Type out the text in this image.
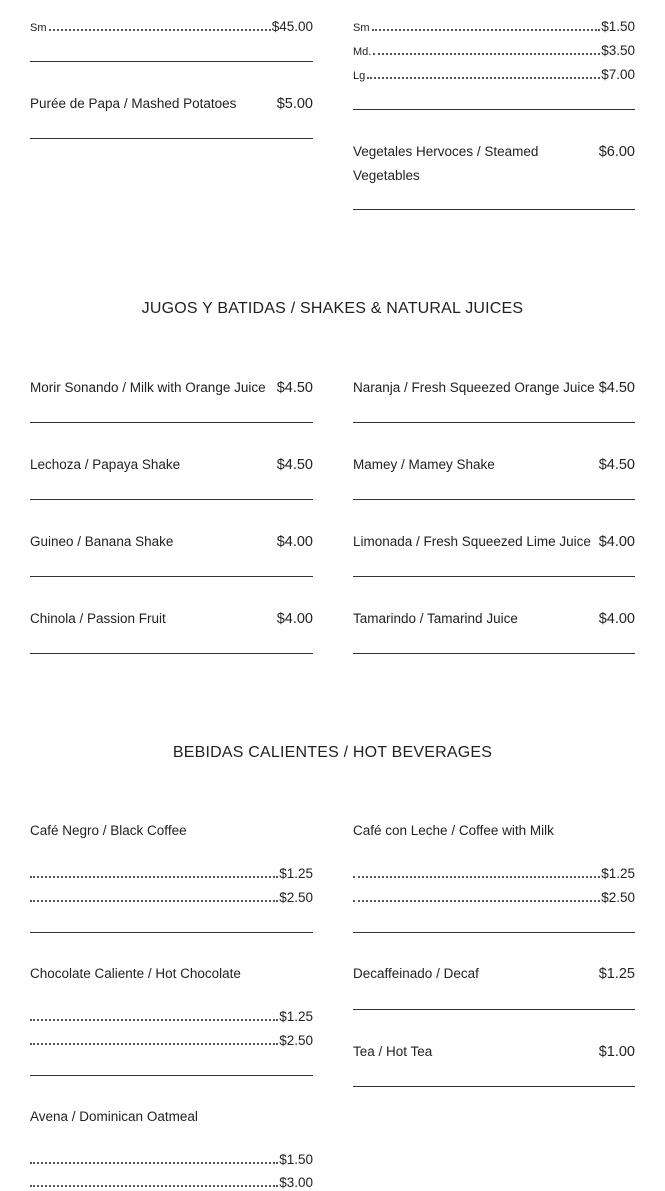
Sm	$45.00
Purée de Papa / Mashed Potatoes	$5.00
Sm	$1.50
Md.	$3.50
Lg	$7.00
Vegetales Hervoces / Steamed Vegetables
$6.00
JUGOS Y BATIDAS / SHAKES & NATURAL JUICES
Morir Sonando / Milk with Orange Juice $4.50
Lechoza / Papaya Shake	$4.50
Guineo / Banana Shake	$4.00
Chinola / Passion Fruit	$4.00
Naranja / Fresh Squeezed Orange Juice $4.50
Mamey / Mamey Shake	$4.50
Limonada / Fresh Squeezed Lime Juice $4.00
Tamarindo / Tamarind Juice	$4.00
BEBIDAS CALIENTES / HOT BEVERAGES
Café Negro / Black Coffee
$1.25
$2.50
Café con Leche / Coffee with Milk
$1.25
$2.50
Chocolate Caliente / Hot Chocolate
$1.25
$2.50
Decaffeinado / Decaf	$1.25
Tea / Hot Tea	$1.00
Avena / Dominican Oatmeal
$1.50
$3.00
